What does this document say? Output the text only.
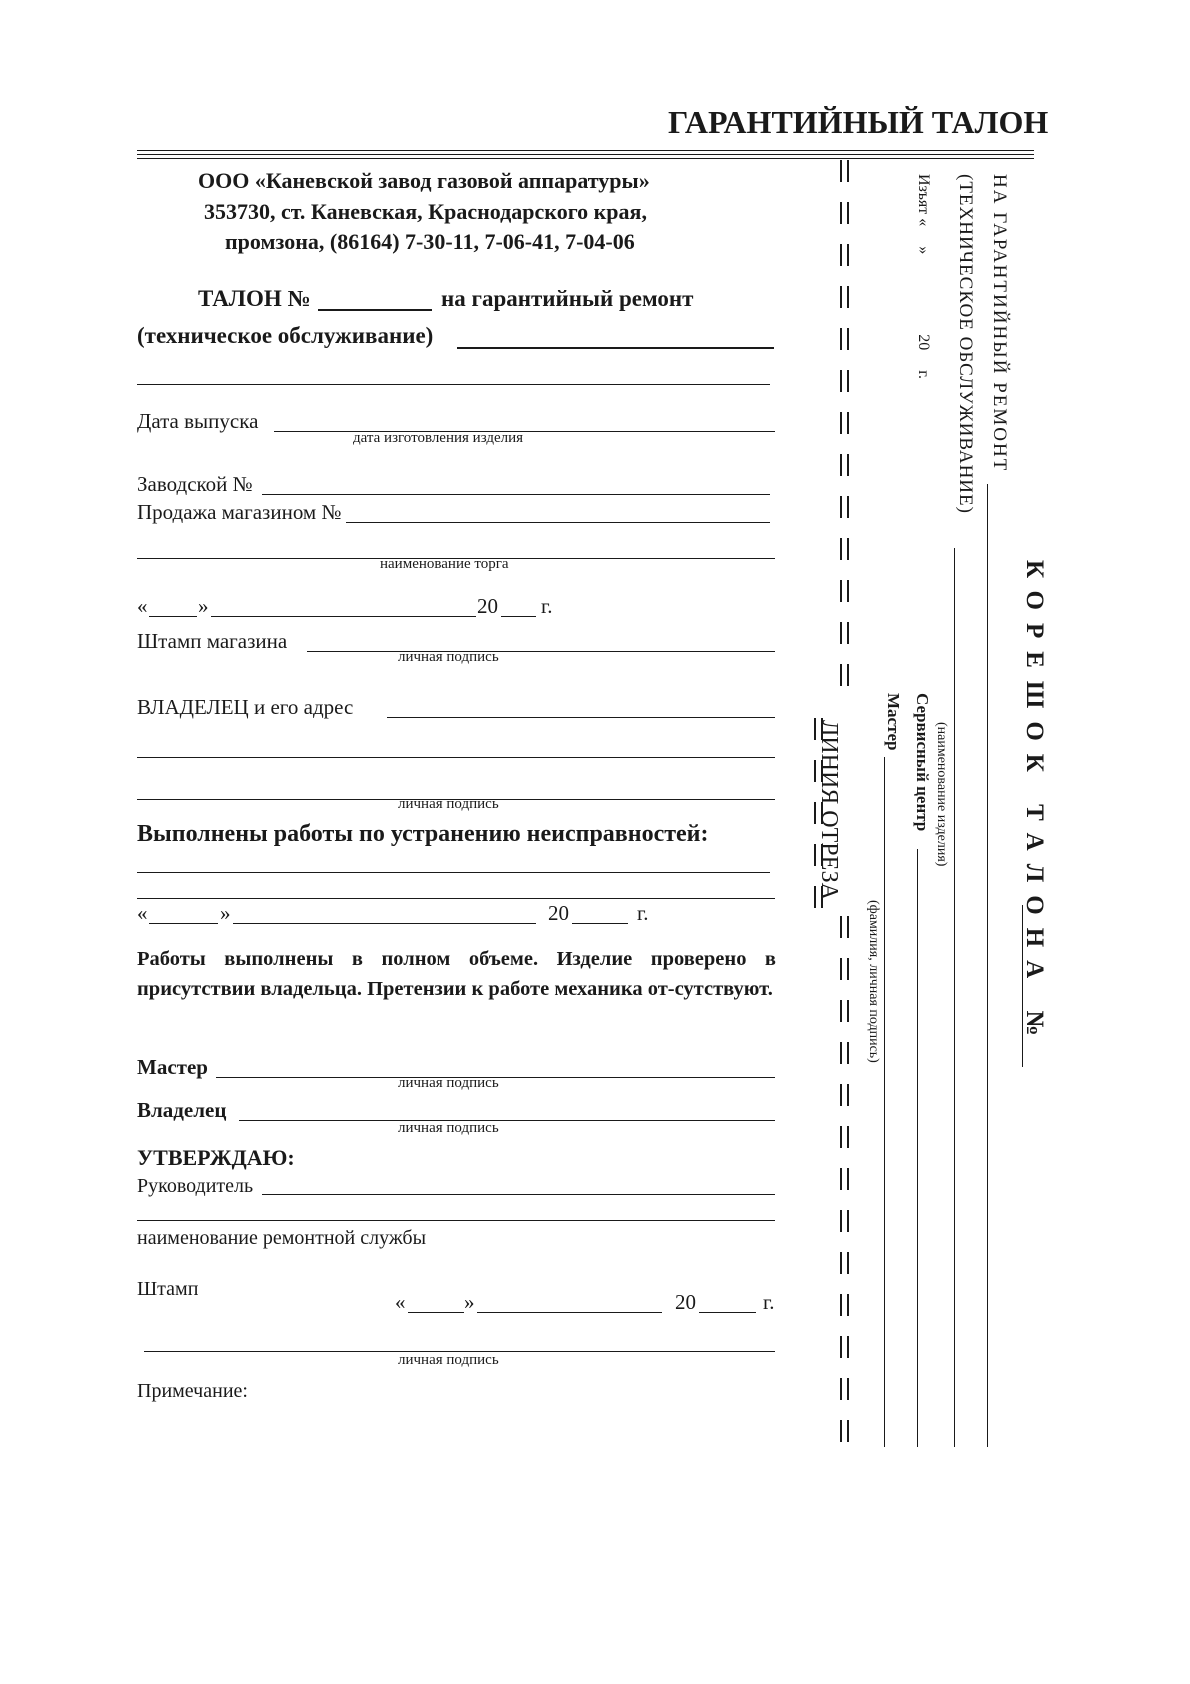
ГАРАНТИЙНЫЙ ТАЛОН
ООО «Каневской завод газовой аппаратуры»
353730, ст. Каневская, Краснодарского края,
промзона, (86164) 7-30-11, 7-06-41, 7-04-06
ТАЛОН №	на гарантийный ремонт
(техническое обслуживание)
Дата выпуска
дата изготовления изделия
Заводской №
Продажа магазином №
наименование торга
« »	20 г.
Штамп магазина
личная подпись
ВЛАДЕЛЕЦ и его адрес
личная подпись
Выполнены работы по устранению неисправностей:
«	»	20	г.
Работы выполнены в полном объеме. Изделие проверено в присутствии владельца. Претензии к работе механика от-сутствуют.
Мастер
личная подпись
Владелец
личная подпись
УТВЕРЖДАЮ:
Руководитель
наименование ремонтной службы
Штамп
«	»	20	г.
личная подпись
Примечание:
ЛИНИЯ ОТРЕЗА	КОРЕШОК ТАЛОНА №
НА ГАРАНТИЙНЫЙ РЕМОНТ
(ТЕХНИЧЕСКОЕ ОБСЛУЖИВАНИЕ)
(наименование изделия)
Изъят «     »                    20     г.
Сервисный центр
Мастер
(фамилия, личная подпись)
